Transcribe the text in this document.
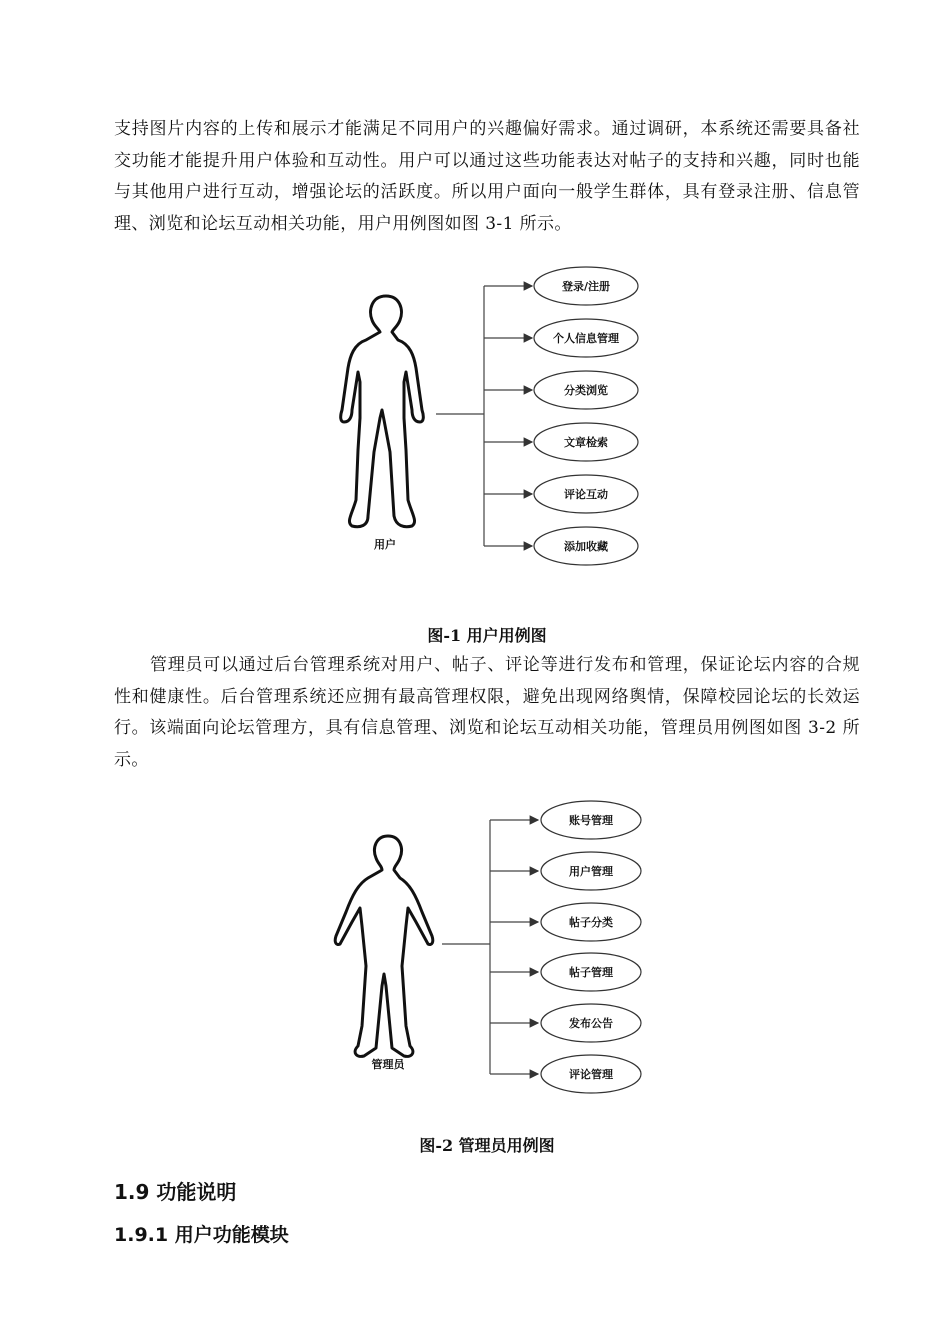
支持图片内容的上传和展示才能满足不同用户的兴趣偏好需求。通过调研，本系统还需要具备社交功能才能提升用户体验和互动性。用户可以通过这些功能表达对帖子的支持和兴趣，同时也能与其他用户进行互动，增强论坛的活跃度。所以用户面向一般学生群体，具有登录注册、信息管理、浏览和论坛互动相关功能，用户用例图如图 3-1 所示。

用户
登录/注册
个人信息管理
分类浏览
文章检索
评论互动
添加收藏

图-1 用户用例图

管理员可以通过后台管理系统对用户、帖子、评论等进行发布和管理，保证论坛内容的合规性和健康性。后台管理系统还应拥有最高管理权限，避免出现网络舆情，保障校园论坛的长效运行。该端面向论坛管理方，具有信息管理、浏览和论坛互动相关功能，管理员用例图如图 3-2 所示。

管理员
账号管理
用户管理
帖子分类
帖子管理
发布公告
评论管理

图-2 管理员用例图

1.9 功能说明
1.9.1 用户功能模块
